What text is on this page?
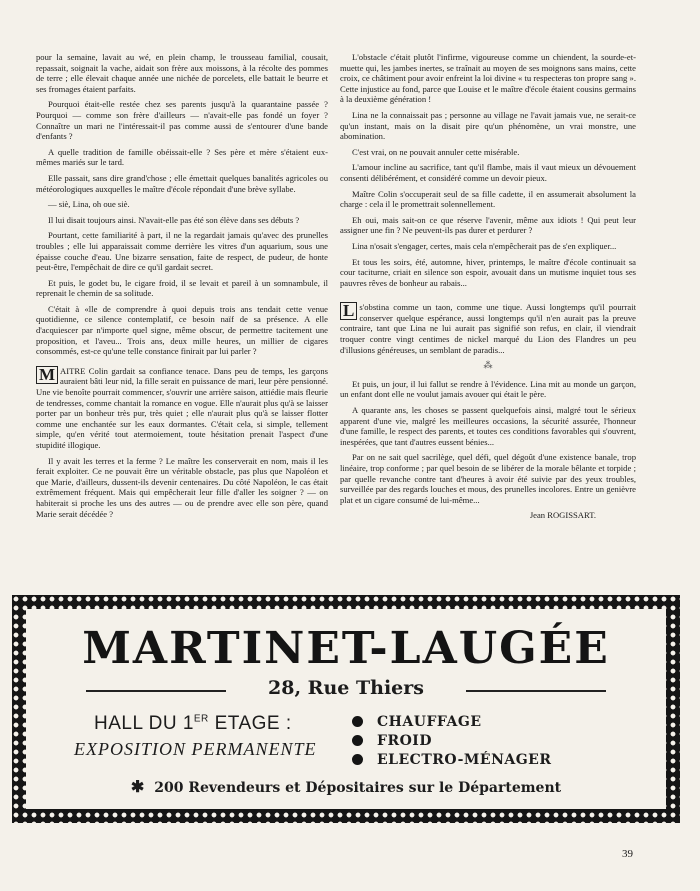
pour la semaine, lavait au wé, en plein champ, le trousseau familial, cousait, repassait, soignait la vache, aidait son frère aux moissons, à la récolte des pommes de terre ; elle élevait chaque année une nichée de porcelets, elle battait le beurre et ses fromages étaient parfaits.

Pourquoi était-elle restée chez ses parents jusqu'à la quarantaine passée ? Pourquoi — comme son frère d'ailleurs — n'avait-elle pas fondé un foyer ? Connaître un mari ne l'intéressait-il pas comme aussi de s'entourer d'une bande d'enfants ?

A quelle tradition de famille obéissait-elle ? Ses père et mère s'étaient eux-mêmes mariés sur le tard.

Elle passait, sans dire grand'chose ; elle émettait quelques banalités agricoles ou météorologiques auxquelles le maître d'école répondait d'une brève syllabe.

— siè, Lina, oh oue siè.

Il lui disait toujours ainsi. N'avait-elle pas été son élève dans ses débuts ?

Pourtant, cette familiarité à part, il ne la regardait jamais qu'avec des prunelles troubles ; elle lui apparaissait comme derrière les vitres d'un aquarium, sous une épaisse couche d'eau. Une bizarre sensation, faite de respect, de pudeur, de honte peut-être, l'empêchait de dire ce qu'il gardait secret.

Et puis, le godet bu, le cigare froid, il se levait et pareil à un somnambule, il reprenait le chemin de sa solitude.

C'était à «lle de comprendre à quoi depuis trois ans tendait cette venue quotidienne, ce silence contemplatif, ce besoin naïf de sa présence. A elle d'acquiescer par n'importe quel signe, même obscur, de permettre tacitement une proposition, et l'aveu... Trois ans, deux mille heures, un millier de cigares consommés, est-ce qu'une telle constance finirait par lui parler ?

M AITRE Colin gardait sa confiance tenace. Dans peu de temps, les garçons auraient bâti leur nid, la fille serait en puissance de mari, leur père pensionné. Une vie benoîte pourrait commencer, s'ouvrir une arrière saison, attiédie mais fleurie de tendresses, comme chantait la romance en vogue. Elle n'aurait plus qu'à se laisser porter par un bonheur très pur, très quiet ; elle n'aurait plus qu'à se laisser flotter comme une enchantée sur les eaux dormantes. C'était cela, si simple, tellement simple, qu'en vérité tout atermoiement, toute hésitation prenait l'aspect d'une stupidité illogique.

Il y avait les terres et la ferme ? Le maître les conserverait en nom, mais il les ferait exploiter. Ce ne pouvait être un véritable obstacle, pas plus que Napoléon et que Marie, d'ailleurs, dussent-ils devenir centenaires. Du côté Napoléon, le cas était extrêmement fréquent. Mais qui empêcherait leur fille d'aller les soigner ? — on habiterait si proche les uns des autres — ou de prendre avec elle son père, quand Marie serait décédée ?

L'obstacle c'était plutôt l'infirme, vigoureuse comme un chiendent, la sourde-et-muette qui, les jambes inertes, se traînait au moyen de ses moignons sans mains, cette croix, ce châtiment pour avoir enfreint la loi divine « tu respecteras ton propre sang ». Cette injustice au fond, parce que Louise et le maître d'école étaient cousins germains à la deuxième génération !

Lina ne la connaissait pas ; personne au village ne l'avait jamais vue, ne serait-ce qu'un instant, mais on la disait pire qu'un phénomène, un vrai monstre, une abomination.

C'est vrai, on ne pouvait annuler cette misérable.

L'amour incline au sacrifice, tant qu'il flambe, mais il vaut mieux un dévouement consenti délibérément, et considéré comme un devoir pieux.

Maître Colin s'occuperait seul de sa fille cadette, il en assumerait absolument la charge : cela il le promettrait solennellement.

Eh oui, mais sait-on ce que réserve l'avenir, même aux idiots ! Qui peut leur assigner une fin ? Ne peuvent-ils pas durer et perdurer ?

Lina n'osait s'engager, certes, mais cela n'empêcherait pas de s'en expliquer...

Et tous les soirs, été, automne, hiver, printemps, le maître d'école continuait sa cour taciturne, criait en silence son espoir, avouait dans un mutisme inquiet tous ses pauvres rêves de bonheur au rabais...

L s'obstina comme un taon, comme une tique. Aussi longtemps qu'il pourrait conserver quelque espérance, aussi longtemps qu'il n'en aurait pas la preuve contraire, tant que Lina ne lui aurait pas signifié son refus, en clair, il viendrait troquer contre vingt centimes de nickel marqué du Lion des Flandres un peu d'illusions généreuses, un semblant de paradis...

⁂

Et puis, un jour, il lui fallut se rendre à l'évidence. Lina mit au monde un garçon, un enfant dont elle ne voulut jamais avouer qui était le père.

A quarante ans, les choses se passent quelquefois ainsi, malgré tout le sérieux apparent d'une vie, malgré les meilleures occasions, la sécurité assurée, l'honneur d'une famille, le respect des parents, et toutes ces conditions favorables qui s'ouvrent, inespérées, que tant d'autres eussent bénies...

Par on ne sait quel sacrilège, quel défi, quel dégoût d'une existence banale, trop linéaire, trop conforme ; par quel besoin de se libérer de la morale bêlante et torpide ; par quelle revanche contre tant d'heures à avoir été suivie par des yeux troubles, surveillée par des regards louches et mous, des prunelles incolores. Entre un genièvre plat et un cigare consumé de lui-même...

Jean ROGISSART.

MARTINET-LAUGÉE
28, Rue Thiers
HALL DU 1ER ETAGE :
EXPOSITION PERMANENTE
CHAUFFAGE
FROID
ELECTRO-MÉNAGER
✱ 200 Revendeurs et Dépositaires sur le Département
39
